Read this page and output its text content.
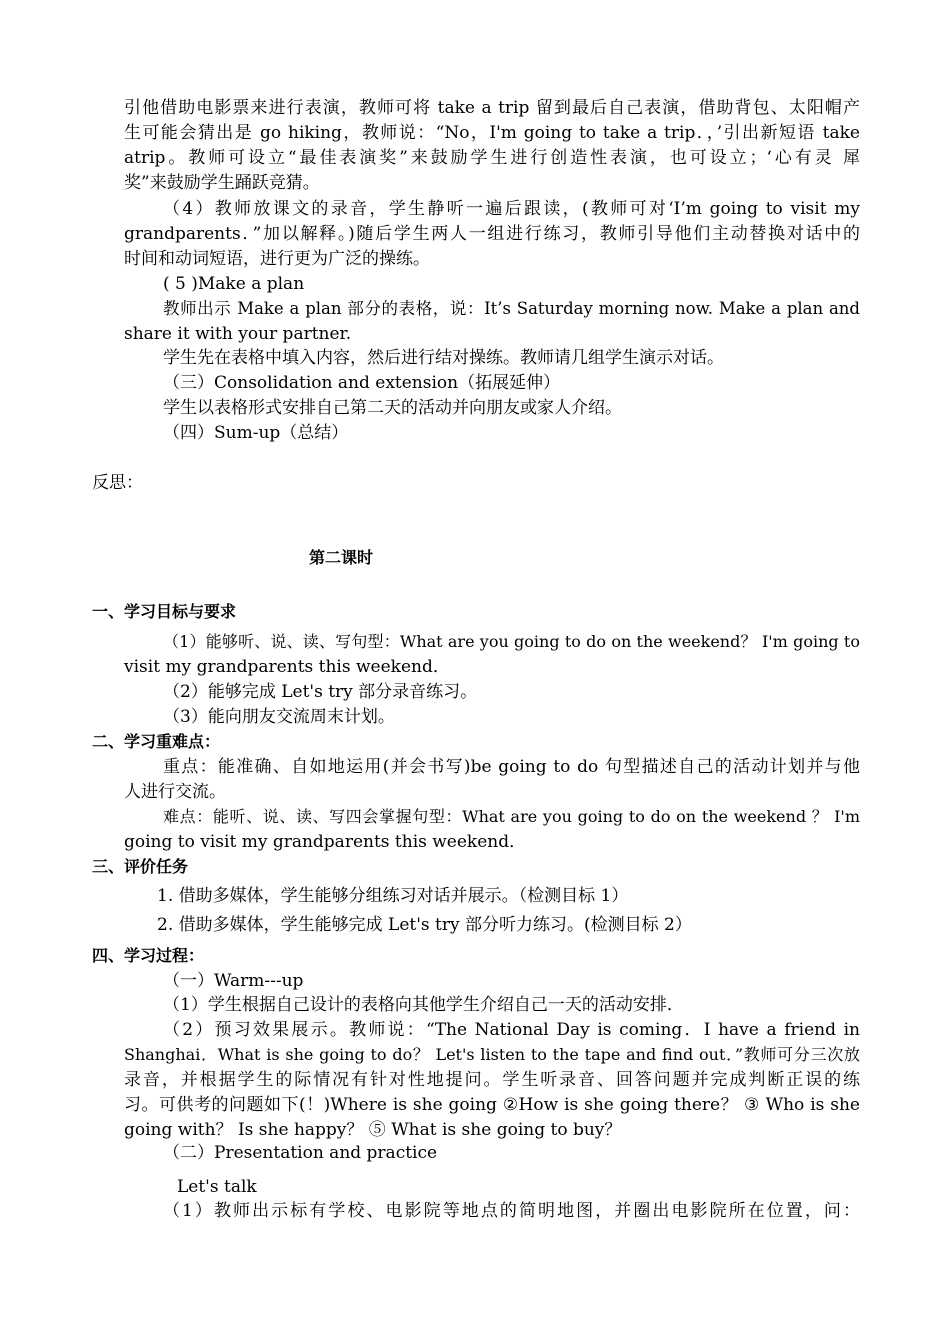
引他借助电影票来进行表演，教师可将 take a trip 留到最后自己表演，借助背包、太阳帽产
生可能会猜出是 go hiking，教师说：“No，I'm going to take a trip．，’引出新短语 take
atrip。教师可设立“最佳表演奖”来鼓励学生进行创造性表演，也可设立；‘心有灵 犀
奖”来鼓励学生踊跃竞猜。
（4）教师放课文的录音，学生静听一遍后跟读，(教师可对‘I’m going to visit my
grandparents．”加以解释。)随后学生两人一组进行练习，教师引导他们主动替换对话中的
时间和动词短语，进行更为广泛的操练。
( 5 )Make a plan
教师出示 Make a plan 部分的表格，说：It’s Saturday morning now. Make a plan and
share it with your partner.
学生先在表格中填入内容，然后进行结对操练。教师请几组学生演示对话。
（三）Consolidation and extension（拓展延伸）
学生以表格形式安排自己第二天的活动并向朋友或家人介绍。
（四）Sum-up（总结）
反思：
第二课时
一、学习目标与要求
（1）能够听、说、读、写句型：What are you going to do on the weekend？ I'm going to
visit my grandparents this weekend．
（2）能够完成 Let's try 部分录音练习。
（3）能向朋友交流周末计划。
二、学习重难点：
重点：能准确、自如地运用(并会书写)be going to do 句型描述自己的活动计划并与他
人进行交流。
难点：能听、说、读、写四会掌握句型：What are you going to do on the weekend ？ I'm
going to visit my grandparents this weekend．
三、评价任务
1. 借助多媒体，学生能够分组练习对话并展示。（检测目标 1）
2. 借助多媒体，学生能够完成 Let's try 部分听力练习。(检测目标 2）
四、学习过程：
（一）Warm---up
（1）学生根据自己设计的表格向其他学生介绍自己一天的活动安排．
（2）预习效果展示。教师说：“The National Day is coming．I have a friend in
Shanghai．What is she going to do？ Let's listen to the tape and find out．”教师可分三次放
录音，并根据学生的际情况有针对性地提问。学生听录音、回答问题并完成判断正误的练
习。可供考的问题如下(！)Where is she going ②How is she going there？ ③ Who is she
going with？ Is she happy？ ⑤ What is she going to buy？
（二）Presentation and practice
Let's talk
（1）教师出示标有学校、电影院等地点的简明地图，并圈出电影院所在位置，问：
